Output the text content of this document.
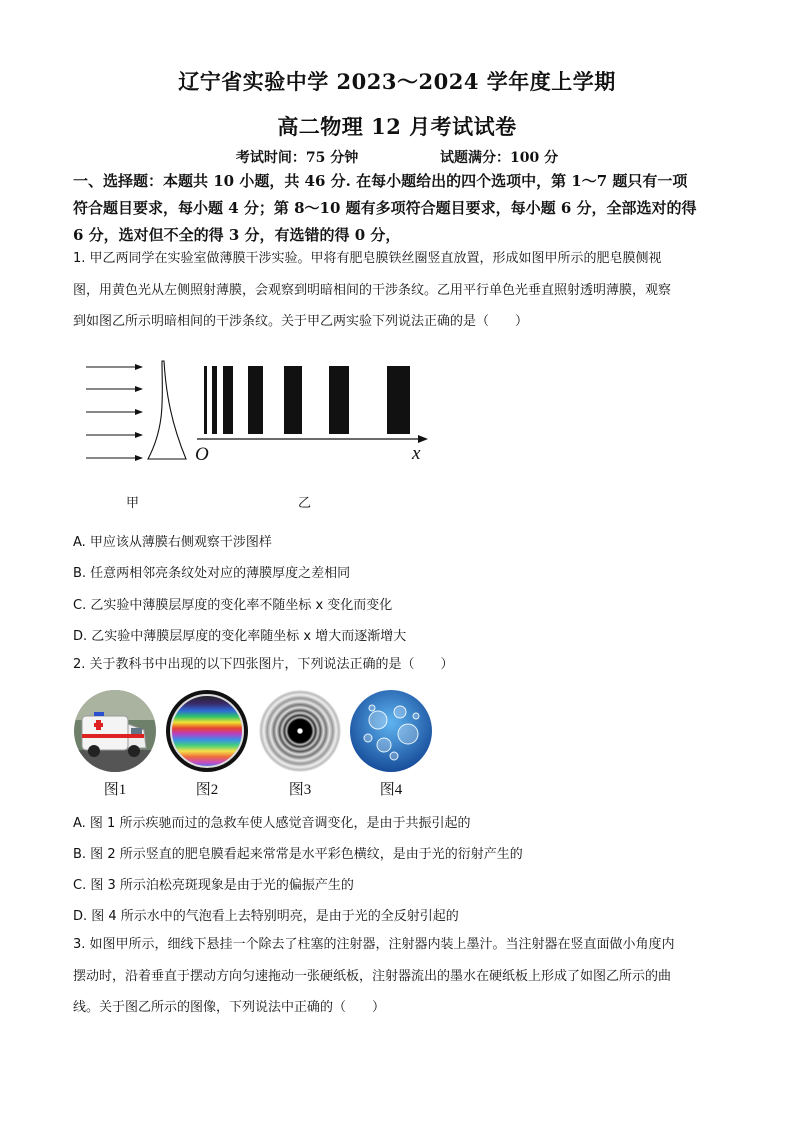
辽宁省实验中学 2023～2024 学年度上学期
高二物理 12 月考试试卷
考试时间：75 分钟	试题满分：100 分
一、选择题：本题共 10 小题，共 46 分. 在每小题给出的四个选项中，第 1～7 题只有一项
符合题目要求，每小题 4 分；第 8～10 题有多项符合题目要求，每小题 6 分，全部选对的得
6 分，选对但不全的得 3 分，有选错的得 0 分，
1. 甲乙两同学在实验室做薄膜干涉实验。甲将有肥皂膜铁丝圈竖直放置，形成如图甲所示的肥皂膜侧视
图，用黄色光从左侧照射薄膜，会观察到明暗相间的干涉条纹。乙用平行单色光垂直照射透明薄膜，观察
到如图乙所示明暗相间的干涉条纹。关于甲乙两实验下列说法正确的是（　　）
甲
O	x
乙
A. 甲应该从薄膜右侧观察干涉图样
B. 任意两相邻亮条纹处对应的薄膜厚度之差相同
C. 乙实验中薄膜层厚度的变化率不随坐标 x 变化而变化
D. 乙实验中薄膜层厚度的变化率随坐标 x 增大而逐渐增大
2. 关于教科书中出现的以下四张图片，下列说法正确的是（　　）
图1	图2	图3	图4
A. 图 1 所示疾驰而过的急救车使人感觉音调变化，是由于共振引起的
B. 图 2 所示竖直的肥皂膜看起来常常是水平彩色横纹，是由于光的衍射产生的
C. 图 3 所示泊松亮斑现象是由于光的偏振产生的
D. 图 4 所示水中的气泡看上去特别明亮，是由于光的全反射引起的
3. 如图甲所示，细线下悬挂一个除去了柱塞的注射器，注射器内装上墨汁。当注射器在竖直面做小角度内
摆动时，沿着垂直于摆动方向匀速拖动一张硬纸板，注射器流出的墨水在硬纸板上形成了如图乙所示的曲
线。关于图乙所示的图像，下列说法中正确的（　　）
